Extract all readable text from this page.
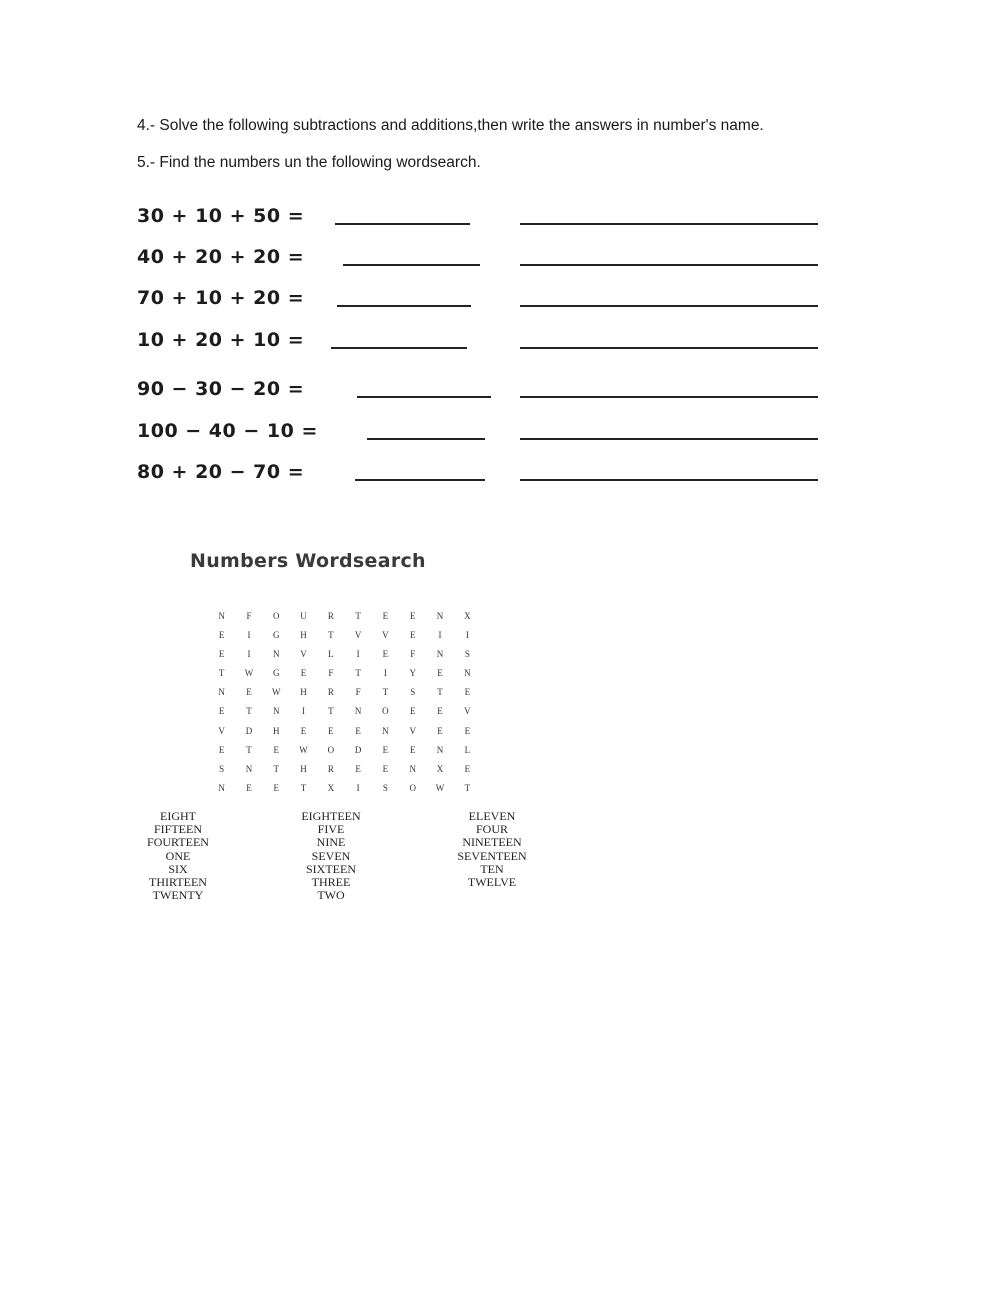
4.- Solve the following subtractions and additions,then write the answers in number's name.
5.- Find the numbers un the following wordsearch.
30 + 10 + 50 =
40 + 20 + 20 =
70 + 10 + 20 =
10 + 20 + 10 =
90 − 30 − 20 =
100 − 40 − 10 =
80 + 20 − 70 =
Numbers Wordsearch
N F O U R T E E N X
E	I	G H T V V E	I	I
E	I	N V L	I	E F N S
T W G E F T	I	Y E N
N E W H R F T S T E
E T N	I	T N O E E V
V D H E E E N V E E
E T E W O D E E N L
S N T H R E E N X E
N E E T X	I	S O W T
EIGHT
FIFTEEN
FOURTEEN
ONE
SIX
THIRTEEN
TWENTY
EIGHTEEN
FIVE
NINE
SEVEN
SIXTEEN
THREE
TWO
ELEVEN
FOUR
NINETEEN
SEVENTEEN
TEN
TWELVE
